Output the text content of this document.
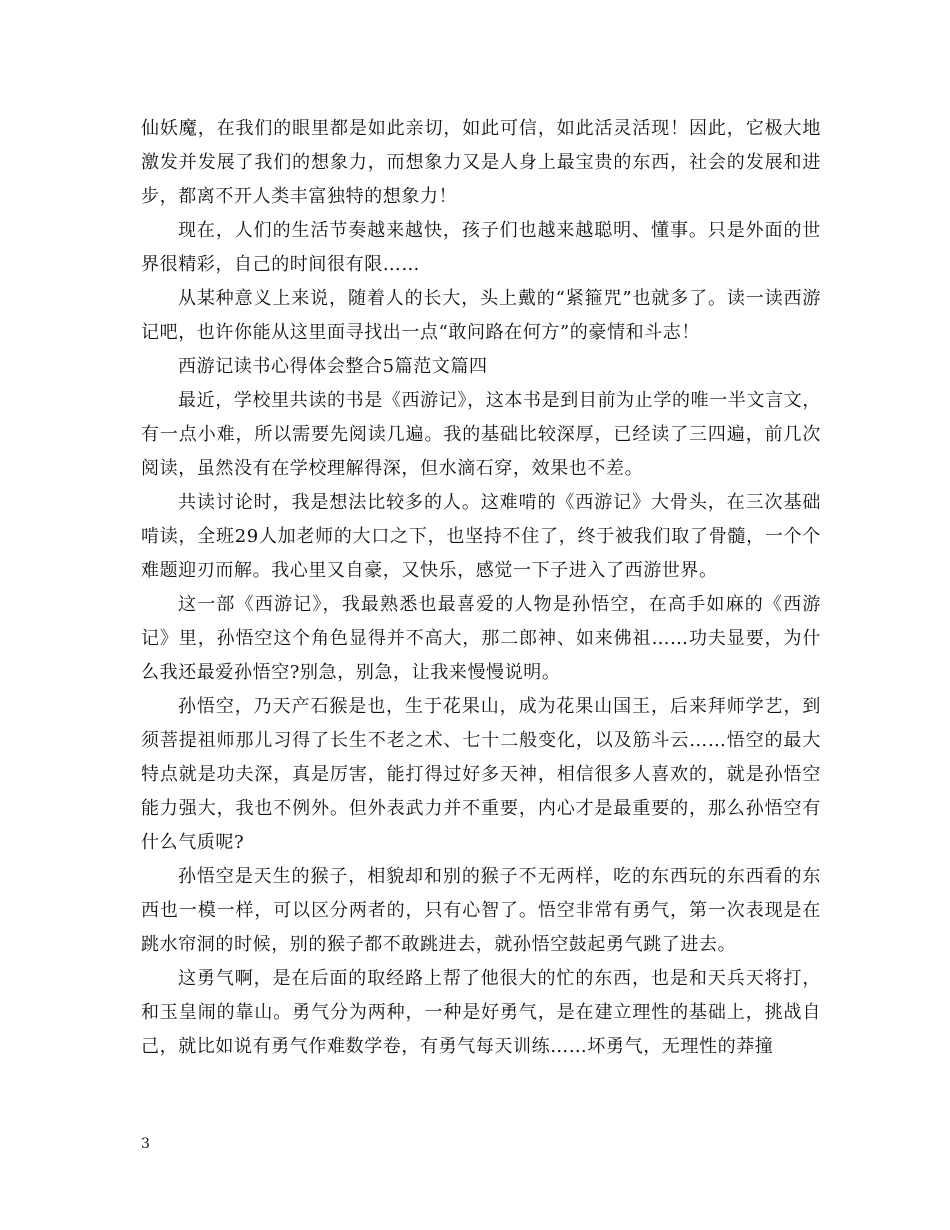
仙妖魔，在我们的眼里都是如此亲切，如此可信，如此活灵活现！因此，它极大地激发并发展了我们的想象力，而想象力又是人身上最宝贵的东西，社会的发展和进步，都离不开人类丰富独特的想象力！

现在，人们的生活节奏越来越快，孩子们也越来越聪明、懂事。只是外面的世界很精彩，自己的时间很有限……

从某种意义上来说，随着人的长大，头上戴的“紧箍咒”也就多了。读一读西游记吧，也许你能从这里面寻找出一点“敢问路在何方”的豪情和斗志！

西游记读书心得体会整合5篇范文篇四

最近，学校里共读的书是《西游记》，这本书是到目前为止学的唯一半文言文，有一点小难，所以需要先阅读几遍。我的基础比较深厚，已经读了三四遍，前几次阅读，虽然没有在学校理解得深，但水滴石穿，效果也不差。

共读讨论时，我是想法比较多的人。这难啃的《西游记》大骨头，在三次基础啃读，全班29人加老师的大口之下，也坚持不住了，终于被我们取了骨髓，一个个难题迎刃而解。我心里又自豪，又快乐，感觉一下子进入了西游世界。

这一部《西游记》，我最熟悉也最喜爱的人物是孙悟空，在高手如麻的《西游记》里，孙悟空这个角色显得并不高大，那二郎神、如来佛祖……功夫显要，为什么我还最爱孙悟空?别急，别急，让我来慢慢说明。

孙悟空，乃天产石猴是也，生于花果山，成为花果山国王，后来拜师学艺，到须菩提祖师那儿习得了长生不老之术、七十二般变化，以及筋斗云……悟空的最大特点就是功夫深，真是厉害，能打得过好多天神，相信很多人喜欢的，就是孙悟空能力强大，我也不例外。但外表武力并不重要，内心才是最重要的，那么孙悟空有什么气质呢?

孙悟空是天生的猴子，相貌却和别的猴子不无两样，吃的东西玩的东西看的东西也一模一样，可以区分两者的，只有心智了。悟空非常有勇气，第一次表现是在跳水帘洞的时候，别的猴子都不敢跳进去，就孙悟空鼓起勇气跳了进去。

这勇气啊，是在后面的取经路上帮了他很大的忙的东西，也是和天兵天将打，和玉皇闹的靠山。勇气分为两种，一种是好勇气，是在建立理性的基础上，挑战自己，就比如说有勇气作难数学卷，有勇气每天训练……坏勇气，无理性的莽撞

3
